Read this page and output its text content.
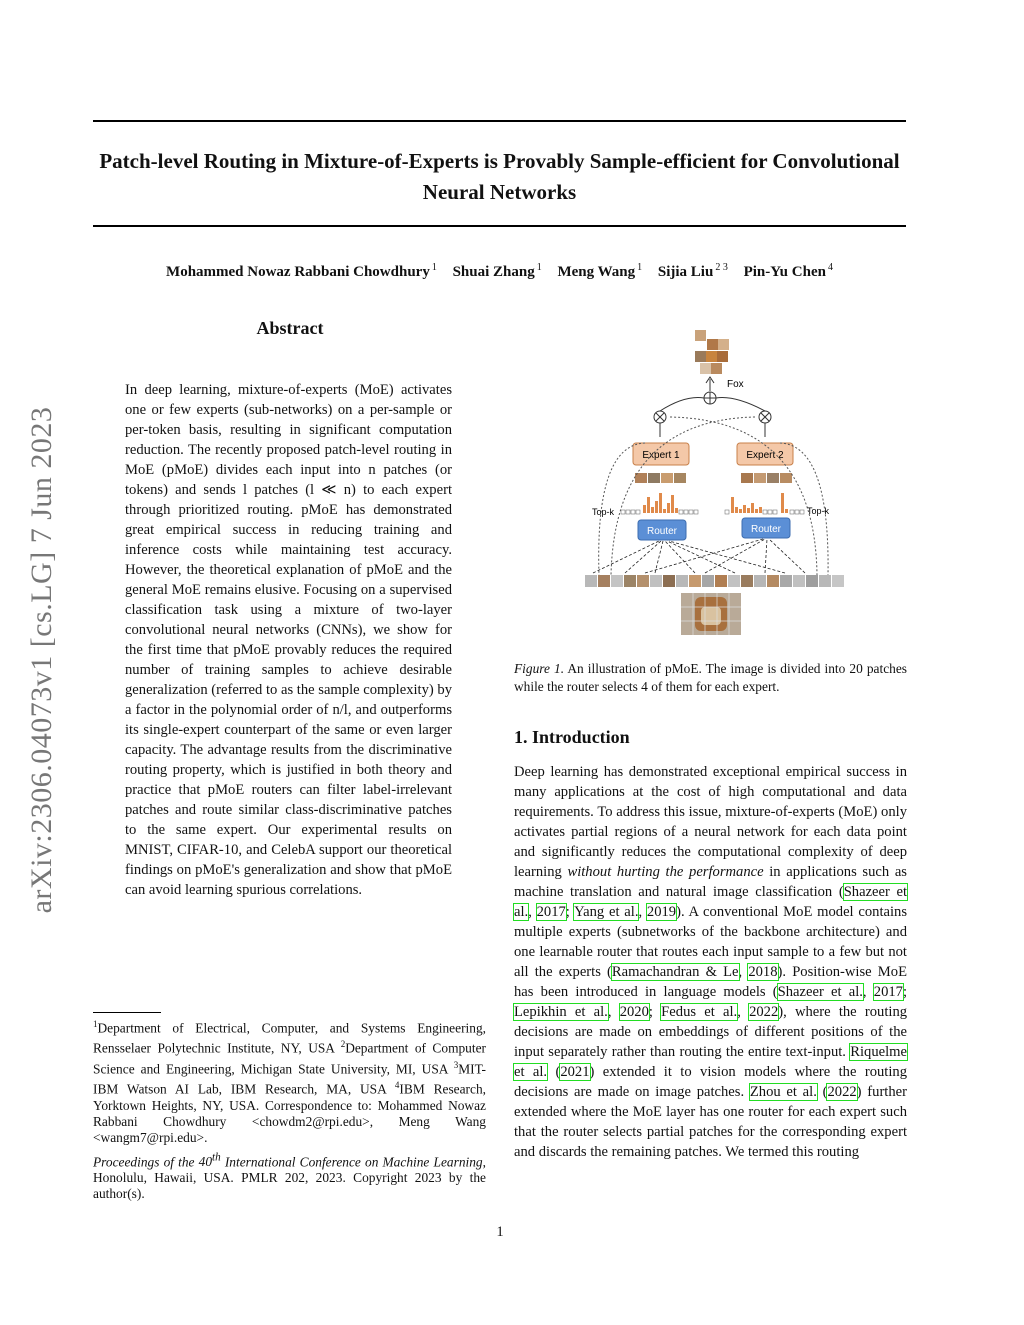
Patch-level Routing in Mixture-of-Experts is Provably Sample-efficient for Convolutional Neural Networks
Mohammed Nowaz Rabbani Chowdhury $^1$ Shuai Zhang $^1$ Meng Wang $^1$ Sijia Liu $^{2 3}$ Pin-Yu Chen $^4$
arXiv:2306.04073v1 [cs.LG] 7 Jun 2023
Abstract
In deep learning, mixture-of-experts (MoE) activates one or few experts (sub-networks) on a per-sample or per-token basis, resulting in significant computation reduction. The recently proposed patch-level routing in MoE (pMoE) divides each input into n patches (or tokens) and sends l patches (l ≪ n) to each expert through prioritized routing. pMoE has demonstrated great empirical success in reducing training and inference costs while maintaining test accuracy. However, the theoretical explanation of pMoE and the general MoE remains elusive. Focusing on a supervised classification task using a mixture of two-layer convolutional neural networks (CNNs), we show for the first time that pMoE provably reduces the required number of training samples to achieve desirable generalization (referred to as the sample complexity) by a factor in the polynomial order of n/l, and outperforms its single-expert counterpart of the same or even larger capacity. The advantage results from the discriminative routing property, which is justified in both theory and practice that pMoE routers can filter label-irrelevant patches and route similar class-discriminative patches to the same expert. Our experimental results on MNIST, CIFAR-10, and CelebA support our theoretical findings on pMoE's generalization and show that pMoE can avoid learning spurious correlations.
$^1$Department of Electrical, Computer, and Systems Engineering, Rensselaer Polytechnic Institute, NY, USA $^2$Department of Computer Science and Engineering, Michigan State University, MI, USA $^3$MIT-IBM Watson AI Lab, IBM Research, MA, USA $^4$IBM Research, Yorktown Heights, NY, USA. Correspondence to: Mohammed Nowaz Rabbani Chowdhury <chowdm2@rpi.edu>, Meng Wang <wangm7@rpi.edu>.
Proceedings of the 40th International Conference on Machine Learning, Honolulu, Hawaii, USA. PMLR 202, 2023. Copyright 2023 by the author(s).
Fox
Expert 1	Expert 2
Top-k	Top-k
Router	Router
Figure 1. An illustration of pMoE. The image is divided into 20 patches while the router selects 4 of them for each expert.
1. Introduction
Deep learning has demonstrated exceptional empirical success in many applications at the cost of high computational and data requirements. To address this issue, mixture-of-experts (MoE) only activates partial regions of a neural network for each data point and significantly reduces the computational complexity of deep learning without hurting the performance in applications such as machine translation and natural image classification (Shazeer et al., 2017; Yang et al., 2019). A conventional MoE model contains multiple experts (subnetworks of the backbone architecture) and one learnable router that routes each input sample to a few but not all the experts (Ramachandran & Le, 2018). Position-wise MoE has been introduced in language models (Shazeer et al., 2017; Lepikhin et al., 2020; Fedus et al., 2022), where the routing decisions are made on embeddings of different positions of the input separately rather than routing the entire text-input. Riquelme et al. (2021) extended it to vision models where the routing decisions are made on image patches. Zhou et al. (2022) further extended where the MoE layer has one router for each expert such that the router selects partial patches for the corresponding expert and discards the remaining patches. We termed this routing
1
